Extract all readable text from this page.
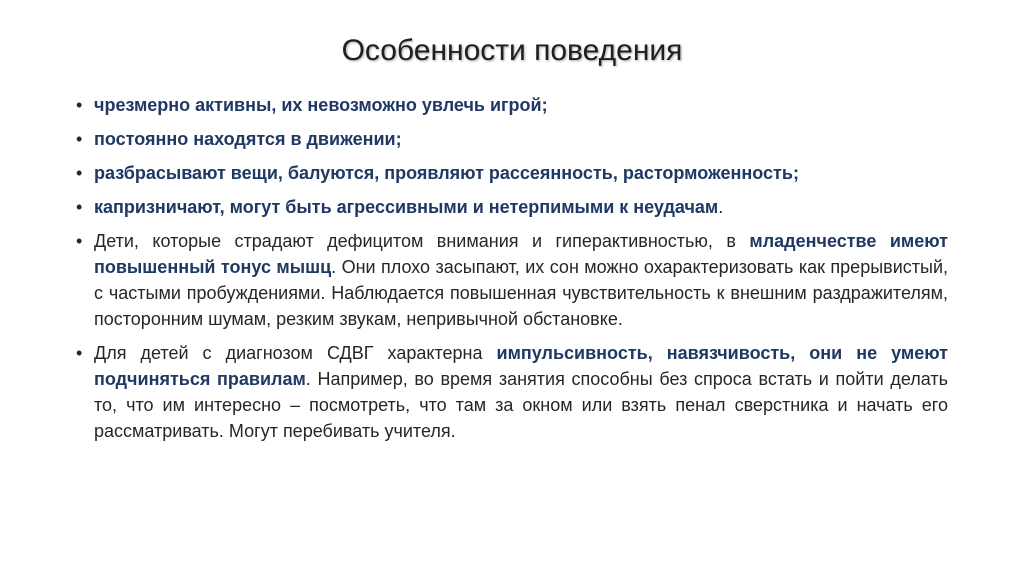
Особенности поведения
• чрезмерно активны, их невозможно увлечь игрой;
• постоянно находятся в движении;
• разбрасывают вещи, балуются, проявляют рассеянность, расторможенность;
• капризничают, могут быть агрессивными и нетерпимыми к неудачам.
• Дети, которые страдают дефицитом внимания и гиперактивностью, в младенчестве имеют повышенный тонус мышц. Они плохо засыпают, их сон можно охарактеризовать как прерывистый, с частыми пробуждениями. Наблюдается повышенная чувствительность к внешним раздражителям, посторонним шумам, резким звукам, непривычной обстановке.
• Для детей с диагнозом СДВГ характерна импульсивность, навязчивость, они не умеют подчиняться правилам. Например, во время занятия способны без спроса встать и пойти делать то, что им интересно – посмотреть, что там за окном или взять пенал сверстника и начать его рассматривать. Могут перебивать учителя.
